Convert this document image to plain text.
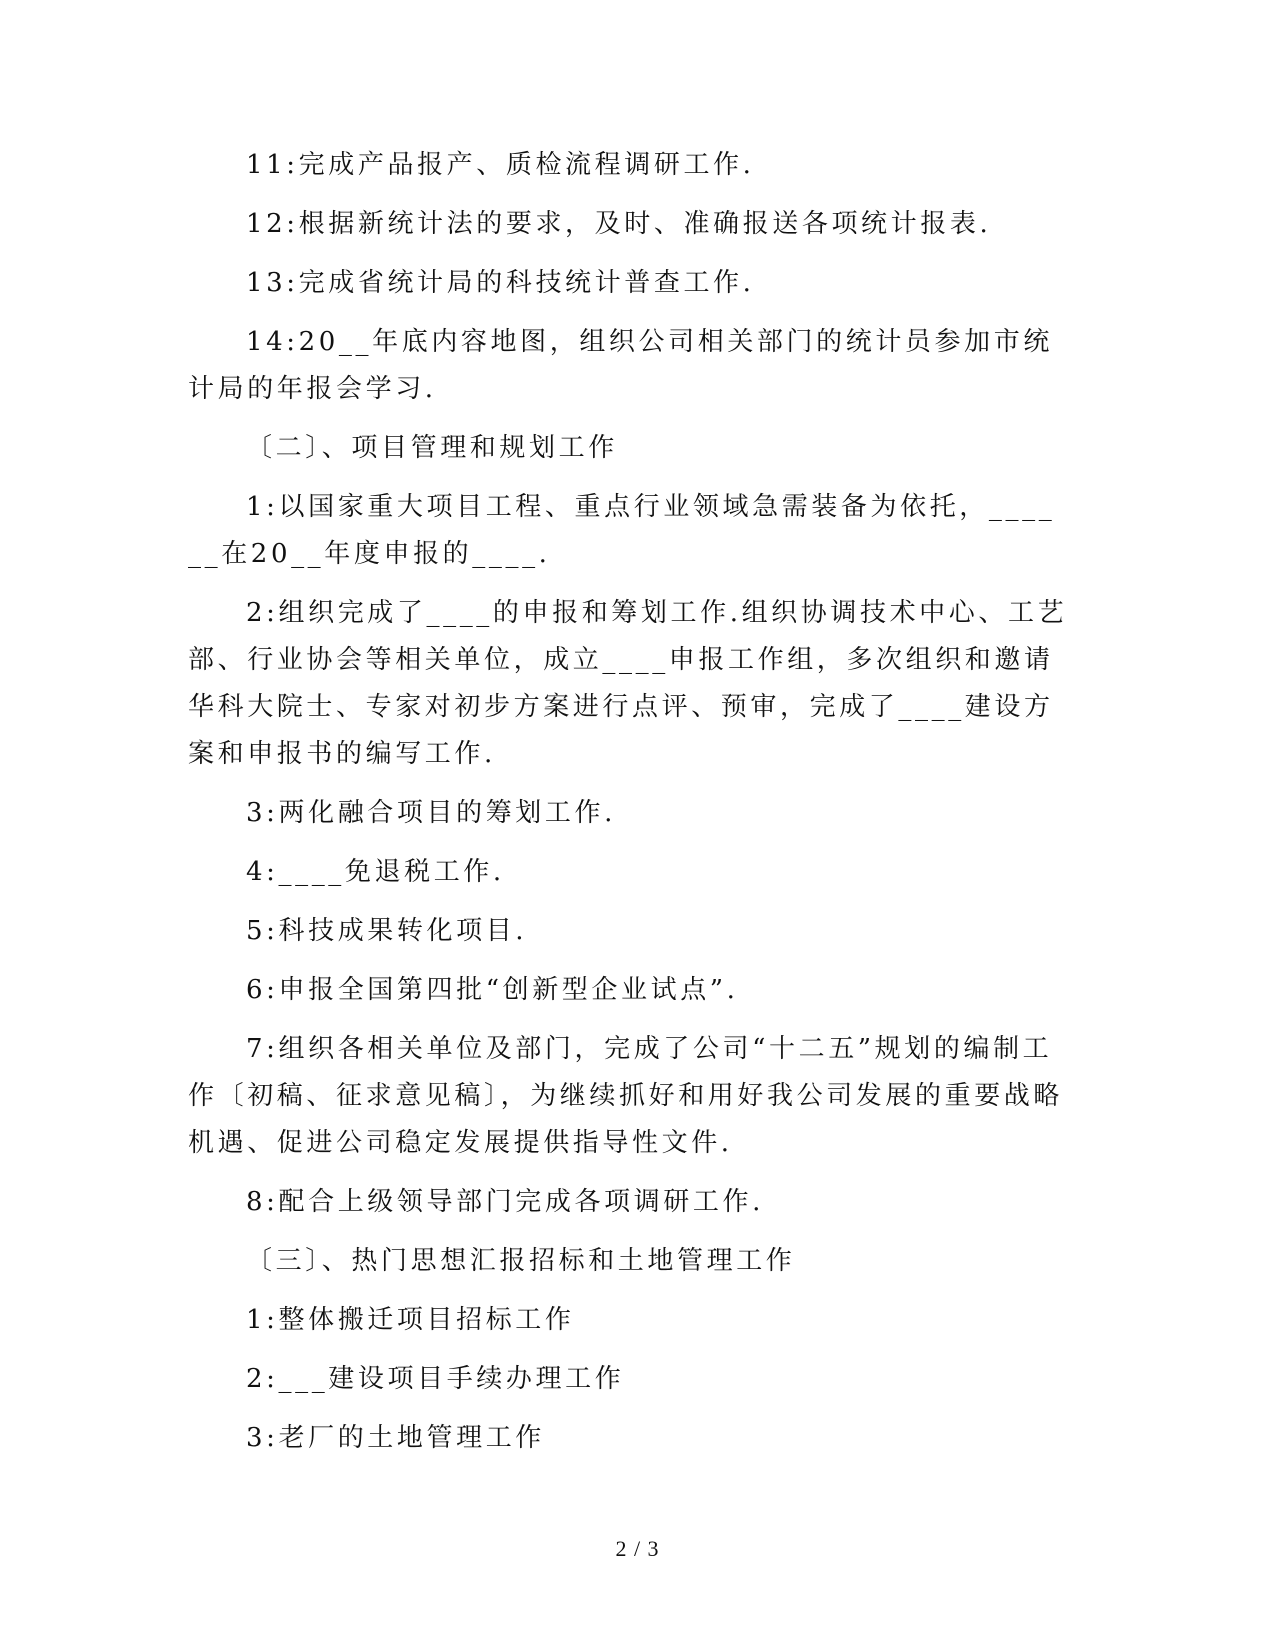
11:完成产品报产、质检流程调研工作.

12:根据新统计法的要求，及时、准确报送各项统计报表.

13:完成省统计局的科技统计普查工作.

14:20__年底内容地图，组织公司相关部门的统计员参加市统计局的年报会学习.

〔二〕、项目管理和规划工作

1:以国家重大项目工程、重点行业领域急需装备为依托，______在20__年度申报的____.

2:组织完成了____的申报和筹划工作.组织协调技术中心、工艺部、行业协会等相关单位，成立____申报工作组，多次组织和邀请华科大院士、专家对初步方案进行点评、预审，完成了____建设方案和申报书的编写工作.

3:两化融合项目的筹划工作.

4:____免退税工作.

5:科技成果转化项目.

6:申报全国第四批“创新型企业试点”.

7:组织各相关单位及部门，完成了公司“十二五”规划的编制工作〔初稿、征求意见稿〕，为继续抓好和用好我公司发展的重要战略机遇、促进公司稳定发展提供指导性文件.

8:配合上级领导部门完成各项调研工作.

〔三〕、热门思想汇报招标和土地管理工作

1:整体搬迁项目招标工作

2:___建设项目手续办理工作

3:老厂的土地管理工作

2 / 3
